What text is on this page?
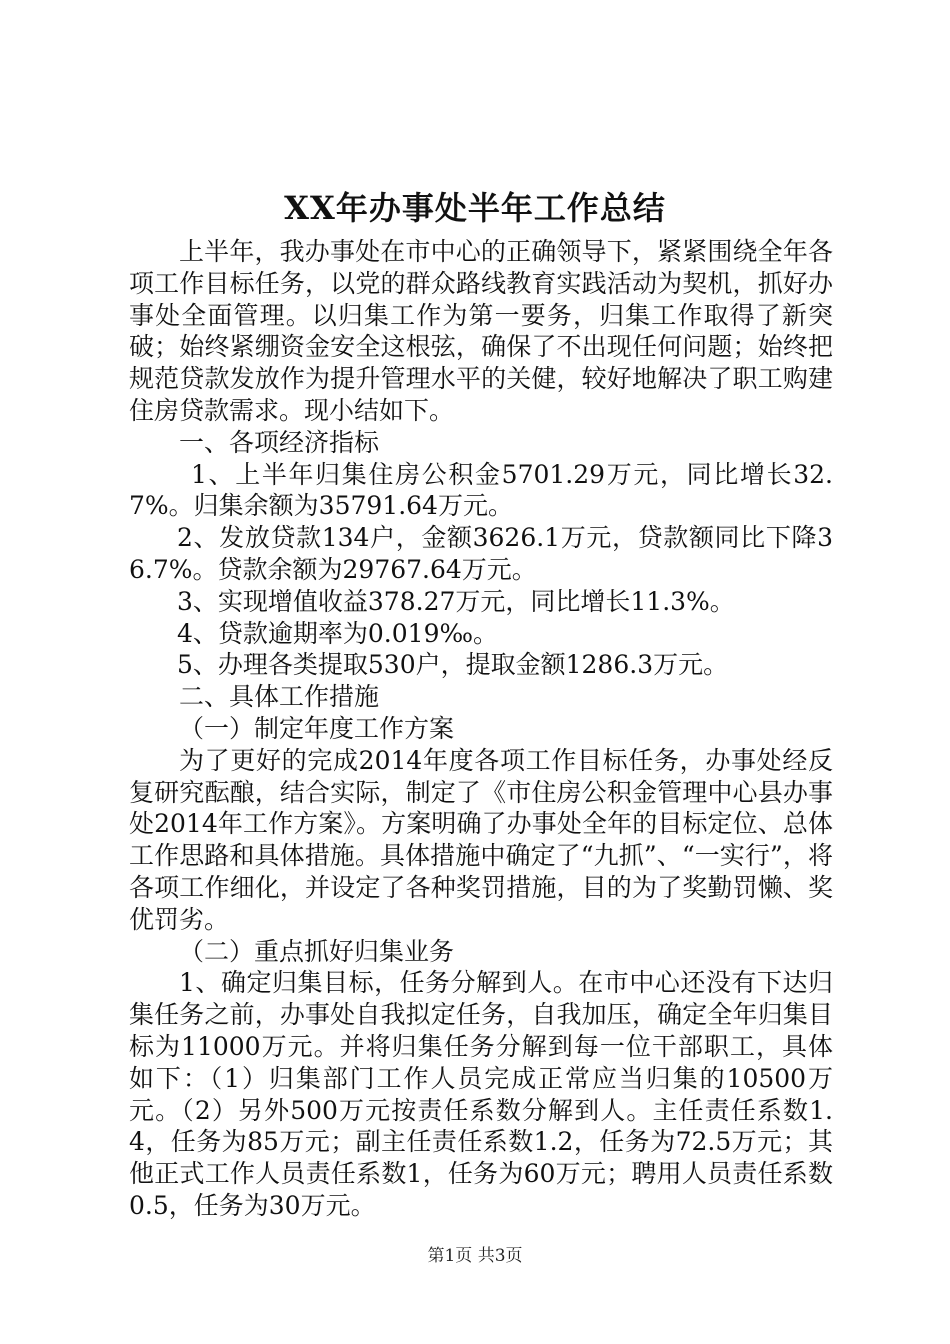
XX年办事处半年工作总结

上半年，我办事处在市中心的正确领导下，紧紧围绕全年各项工作目标任务，以党的群众路线教育实践活动为契机，抓好办事处全面管理。以归集工作为第一要务，归集工作取得了新突破；始终紧绷资金安全这根弦，确保了不出现任何问题；始终把规范贷款发放作为提升管理水平的关健，较好地解决了职工购建住房贷款需求。现小结如下。

一、各项经济指标

1、上半年归集住房公积金5701.29万元，同比增长32.7%。归集余额为35791.64万元。

2、发放贷款134户，金额3626.1万元，贷款额同比下降36.7%。贷款余额为29767.64万元。

3、实现增值收益378.27万元，同比增长11.3%。

4、贷款逾期率为0.019‰。

5、办理各类提取530户，提取金额1286.3万元。

二、具体工作措施

（一）制定年度工作方案

为了更好的完成2014年度各项工作目标任务，办事处经反复研究酝酿，结合实际，制定了《市住房公积金管理中心县办事处2014年工作方案》。方案明确了办事处全年的目标定位、总体工作思路和具体措施。具体措施中确定了“九抓”、“一实行”，将各项工作细化，并设定了各种奖罚措施，目的为了奖勤罚懒、奖优罚劣。

（二）重点抓好归集业务

1、确定归集目标，任务分解到人。在市中心还没有下达归集任务之前，办事处自我拟定任务，自我加压，确定全年归集目标为11000万元。并将归集任务分解到每一位干部职工，具体如下：（1）归集部门工作人员完成正常应当归集的10500万元。（2）另外500万元按责任系数分解到人。主任责任系数1.4，任务为85万元；副主任责任系数1.2，任务为72.5万元；其他正式工作人员责任系数1，任务为60万元；聘用人员责任系数0.5，任务为30万元。

第1页 共3页
